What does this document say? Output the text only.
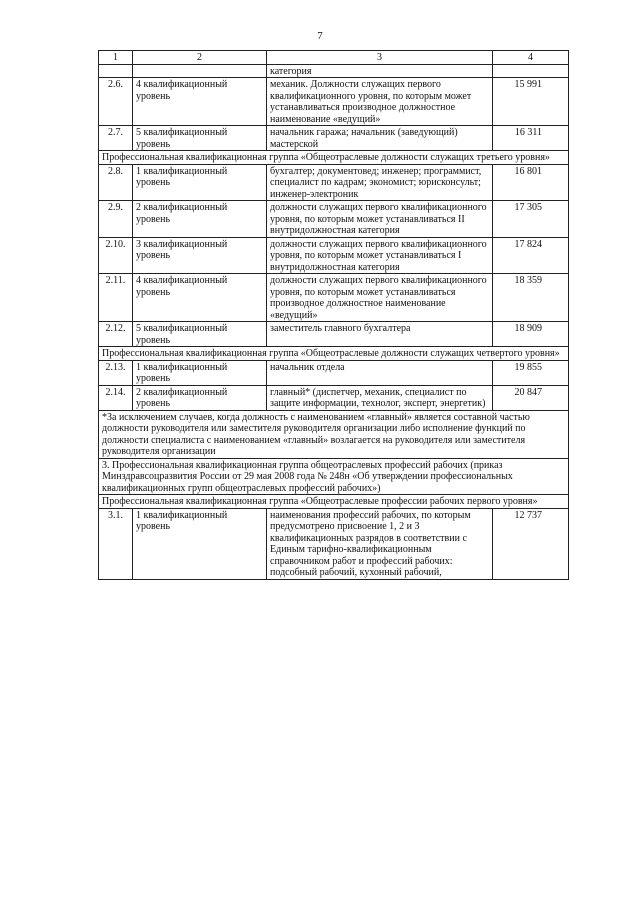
7
1	2	3	4
		категория	
2.6.	4 квалификационный уровень	механик. Должности служащих первого квалификационного уровня, по которым может устанавливаться производное должностное наименование «ведущий»	15 991
2.7.	5 квалификационный уровень	начальник гаража; начальник (заведующий) мастерской	16 311
Профессиональная квалификационная группа «Общеотраслевые должности служащих третьего уровня»			
2.8.	1 квалификационный уровень	бухгалтер; документовед; инженер; программист, специалист по кадрам; экономист; юрисконсульт; инженер-электроник	16 801
2.9.	2 квалификационный уровень	должности служащих первого квалификационного уровня, по которым может устанавливаться II внутридолжностная категория	17 305
2.10.	3 квалификационный уровень	должности служащих первого квалификационного уровня, по которым может устанавливаться I внутридолжностная категория	17 824
2.11.	4 квалификационный уровень	должности служащих первого квалификационного уровня, по которым может устанавливаться производное должностное наименование «ведущий»	18 359
2.12.	5 квалификационный уровень	заместитель главного бухгалтера	18 909
Профессиональная квалификационная группа «Общеотраслевые должности служащих четвертого уровня»			
2.13.	1 квалификационный уровень	начальник отдела	19 855
2.14.	2 квалификационный уровень	главный* (диспетчер, механик, специалист по защите информации, технолог, эксперт, энергетик)	20 847
*За исключением случаев, когда должность с наименованием «главный» является составной частью должности руководителя или заместителя руководителя организации либо исполнение функций по должности специалиста с наименованием «главный» возлагается на руководителя или заместителя руководителя организации			
3. Профессиональная квалификационная группа общеотраслевых профессий рабочих (приказ Минздравсоцразвития России от 29 мая 2008 года № 248н «Об утверждении профессиональных квалификационных групп общеотраслевых профессий рабочих»)			
Профессиональная квалификационная группа «Общеотраслевые профессии рабочих первого уровня»			
3.1.	1 квалификационный уровень	наименования профессий рабочих, по которым предусмотрено присвоение 1, 2 и 3 квалификационных разрядов в соответствии с Единым тарифно-квалификационным справочником работ и профессий рабочих: подсобный рабочий, кухонный рабочий,	12 737
